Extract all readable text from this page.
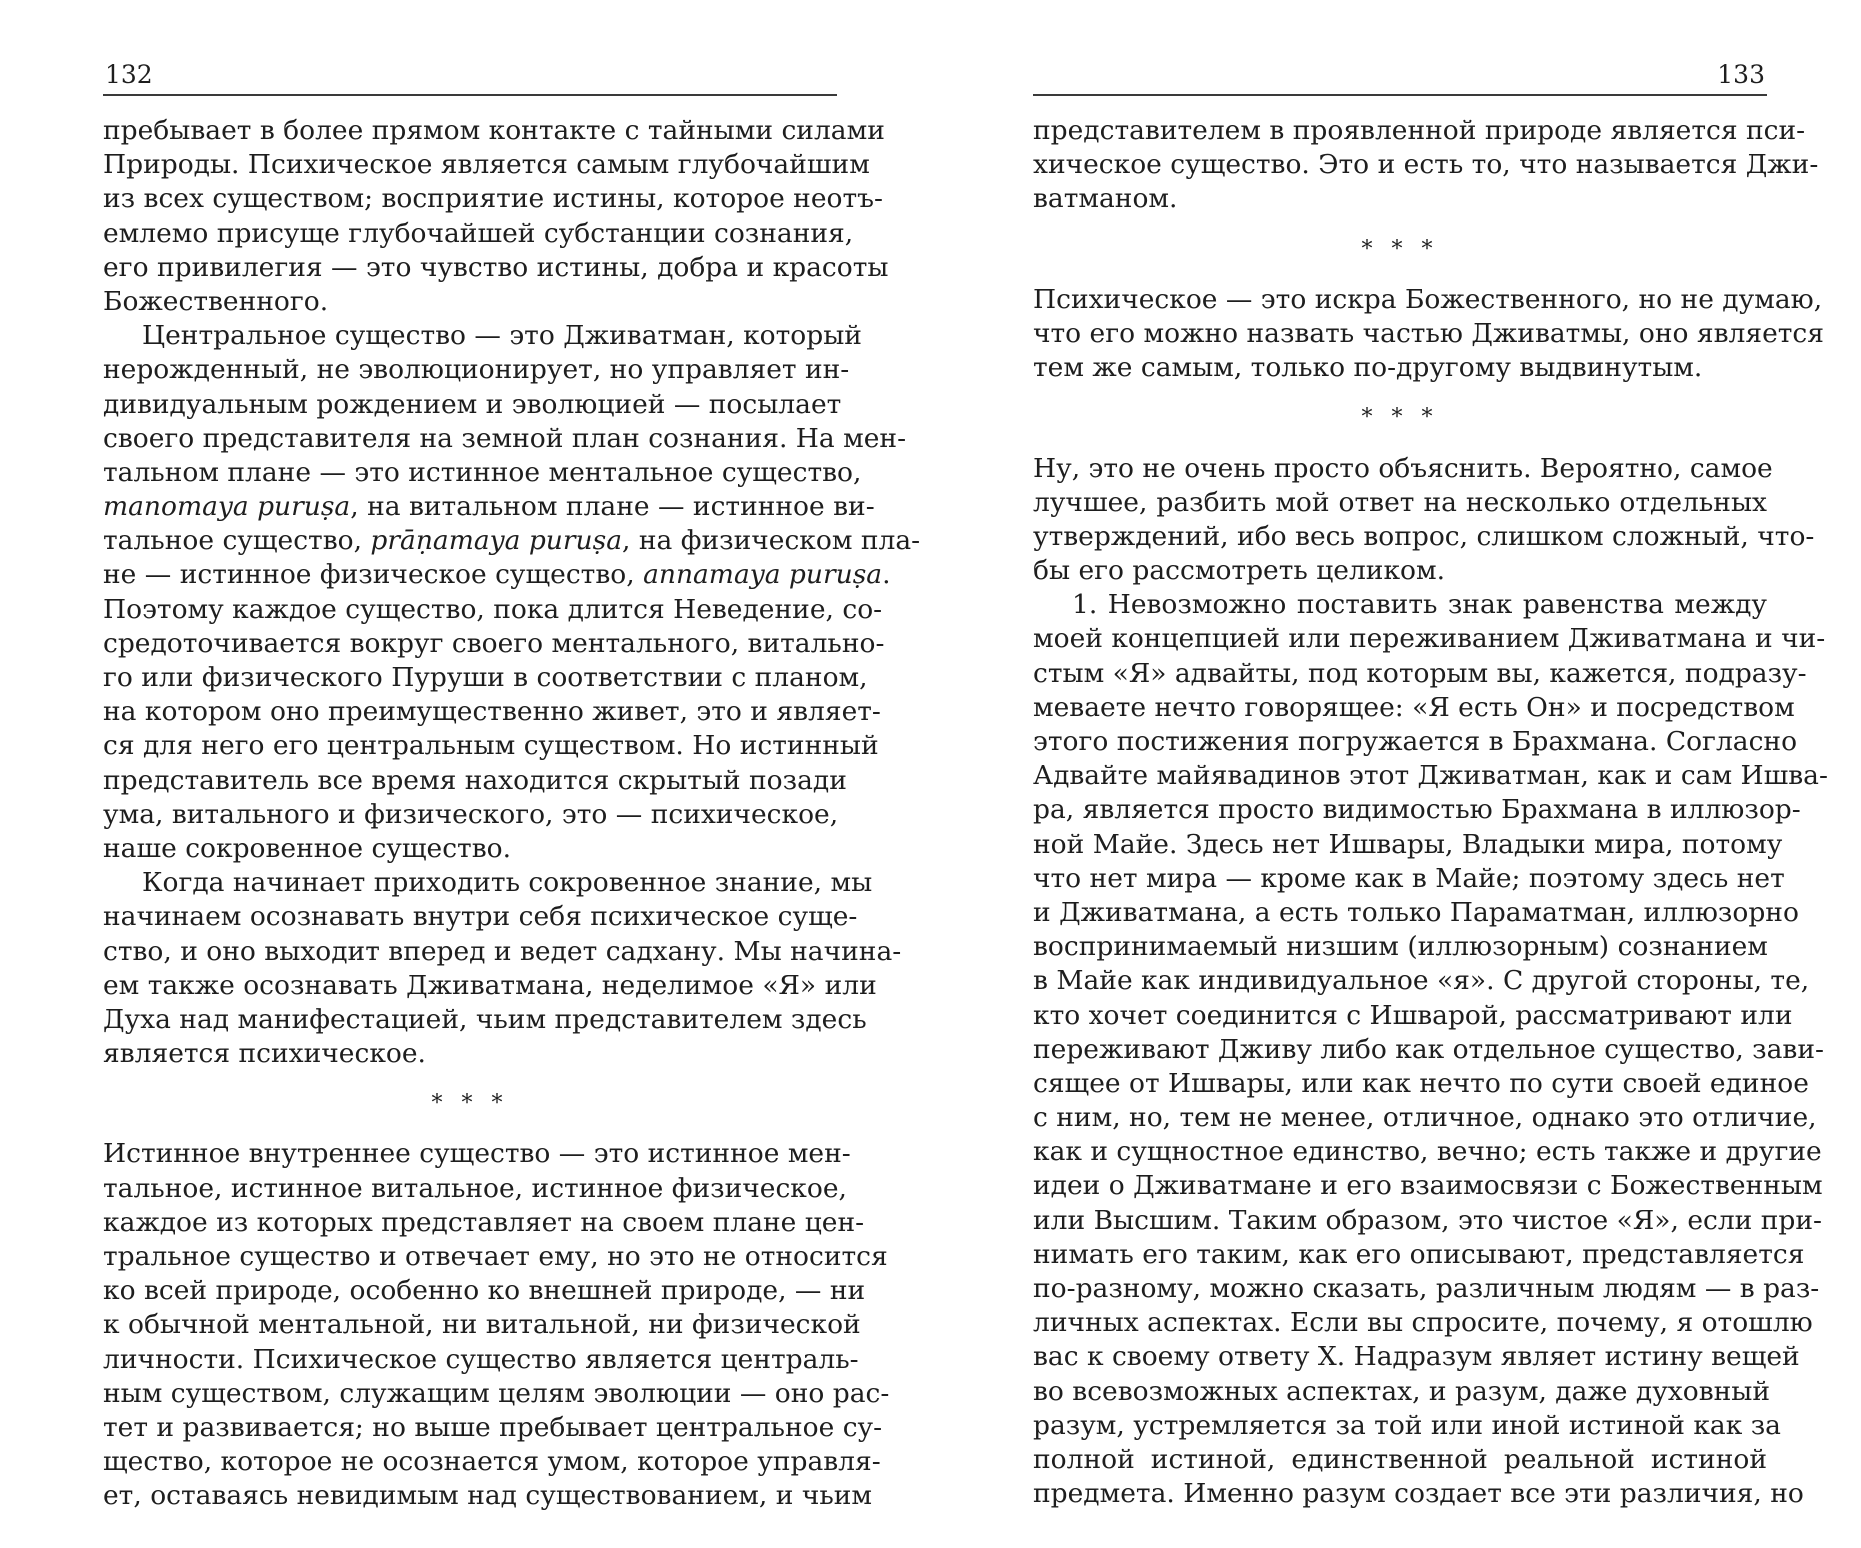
132
пребывает в более прямом контакте с тайными силами
Природы. Психическое является самым глубочайшим
из всех существом; восприятие истины, которое неотъ-
емлемо присуще глубочайшей субстанции сознания,
его привилегия — это чувство истины, добра и красоты
Божественного.
Центральное существо — это Дживатман, который
нерожденный, не эволюционирует, но управляет ин-
дивидуальным рождением и эволюцией — посылает
своего представителя на земной план сознания. На мен-
тальном плане — это истинное ментальное существо,
manomaya puruṣa, на витальном плане — истинное ви-
тальное существо, prāṇamaya puruṣa, на физическом пла-
не — истинное физическое существо, annamaya puruṣa.
Поэтому каждое существо, пока длится Неведение, со-
средоточивается вокруг своего ментального, витально-
го или физического Пуруши в соответствии с планом,
на котором оно преимущественно живет, это и являет-
ся для него его центральным существом. Но истинный
представитель все время находится скрытый позади
ума, витального и физического, это — психическое,
наше сокровенное существо.
Когда начинает приходить сокровенное знание, мы
начинаем осознавать внутри себя психическое суще-
ство, и оно выходит вперед и ведет садхану. Мы начина-
ем также осознавать Дживатмана, неделимое «Я» или
Духа над манифестацией, чьим представителем здесь
является психическое.
* * *
Истинное внутреннее существо — это истинное мен-
тальное, истинное витальное, истинное физическое,
каждое из которых представляет на своем плане цен-
тральное существо и отвечает ему, но это не относится
ко всей природе, особенно ко внешней природе, — ни
к обычной ментальной, ни витальной, ни физической
личности. Психическое существо является централь-
ным существом, служащим целям эволюции — оно рас-
тет и развивается; но выше пребывает центральное су-
щество, которое не осознается умом, которое управля-
ет, оставаясь невидимым над существованием, и чьим
133
представителем в проявленной природе является пси-
хическое существо. Это и есть то, что называется Джи-
ватманом.
* * *
Психическое — это искра Божественного, но не думаю,
что его можно назвать частью Дживатмы, оно является
тем же самым, только по-другому выдвинутым.
* * *
Ну, это не очень просто объяснить. Вероятно, самое
лучшее, разбить мой ответ на несколько отдельных
утверждений, ибо весь вопрос, слишком сложный, что-
бы его рассмотреть целиком.
1. Невозможно поставить знак равенства между
моей концепцией или переживанием Дживатмана и чи-
стым «Я» адвайты, под которым вы, кажется, подразу-
меваете нечто говорящее: «Я есть Он» и посредством
этого постижения погружается в Брахмана. Согласно
Адвайте майявадинов этот Дживатман, как и сам Ишва-
ра, является просто видимостью Брахмана в иллюзор-
ной Майе. Здесь нет Ишвары, Владыки мира, потому
что нет мира — кроме как в Майе; поэтому здесь нет
и Дживатмана, а есть только Параматман, иллюзорно
воспринимаемый низшим (иллюзорным) сознанием
в Майе как индивидуальное «я». С другой стороны, те,
кто хочет соединится с Ишварой, рассматривают или
переживают Дживу либо как отдельное существо, зави-
сящее от Ишвары, или как нечто по сути своей единое
с ним, но, тем не менее, отличное, однако это отличие,
как и сущностное единство, вечно; есть также и другие
идеи о Дживатмане и его взаимосвязи с Божественным
или Высшим. Таким образом, это чистое «Я», если при-
нимать его таким, как его описывают, представляется
по-разному, можно сказать, различным людям — в раз-
личных аспектах. Если вы спросите, почему, я отошлю
вас к своему ответу Х. Надразум являет истину вещей
во всевозможных аспектах, и разум, даже духовный
разум, устремляется за той или иной истиной как за
полной истиной, единственной реальной истиной
предмета. Именно разум создает все эти различия, но
